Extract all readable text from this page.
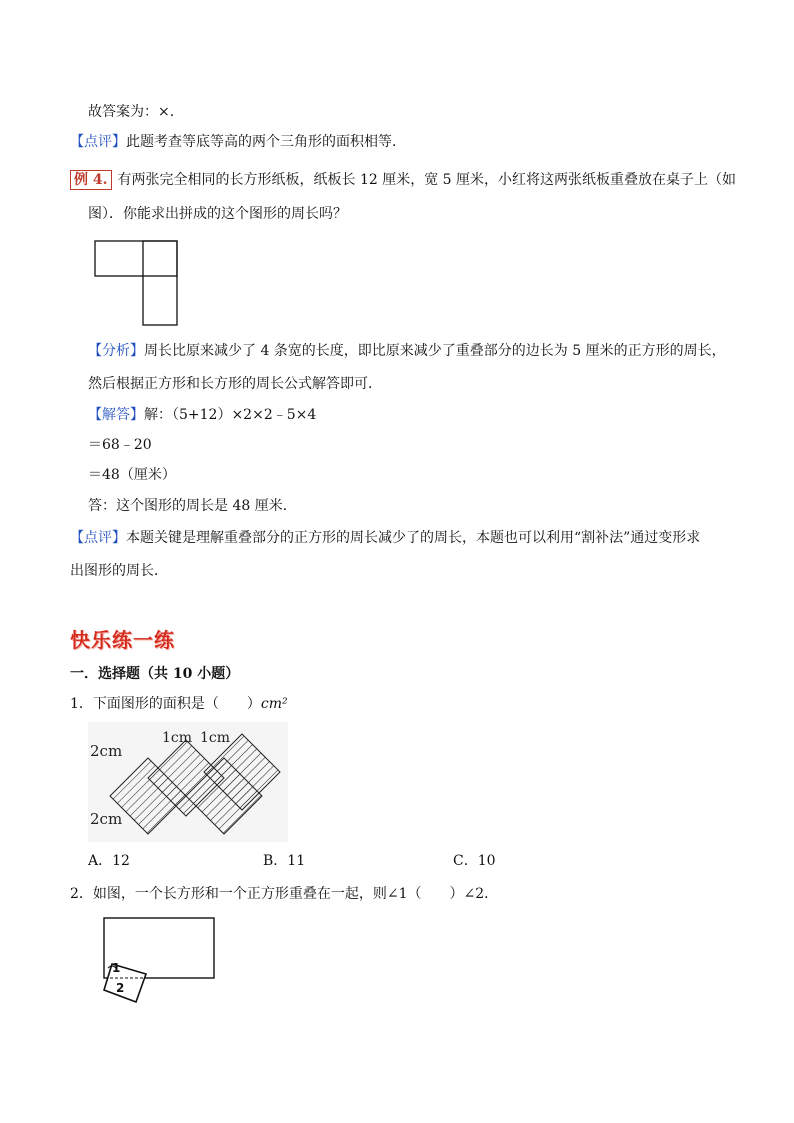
故答案为：×．
【点评】此题考查等底等高的两个三角形的面积相等．
例 4. 有两张完全相同的长方形纸板，纸板长 12 厘米，宽 5 厘米，小红将这两张纸板重叠放在桌子上（如
图）．你能求出拼成的这个图形的周长吗？
【分析】周长比原来减少了 4 条宽的长度，即比原来减少了重叠部分的边长为 5 厘米的正方形的周长，
然后根据正方形和长方形的周长公式解答即可．
【解答】解：（5+12）×2×2﹣5×4
＝68﹣20
＝48（厘米）
答：这个图形的周长是 48 厘米．
【点评】本题关键是理解重叠部分的正方形的周长减少了的周长，本题也可以利用“割补法”通过变形求
出图形的周长．
快乐练一练
一．选择题（共 10 小题）
1．下面图形的面积是（　　）cm²
2cm
2cm
1cm 1cm
A．12	B．11	C．10
2．如图，一个长方形和一个正方形重叠在一起，则∠1（　　）∠2．
1
2
